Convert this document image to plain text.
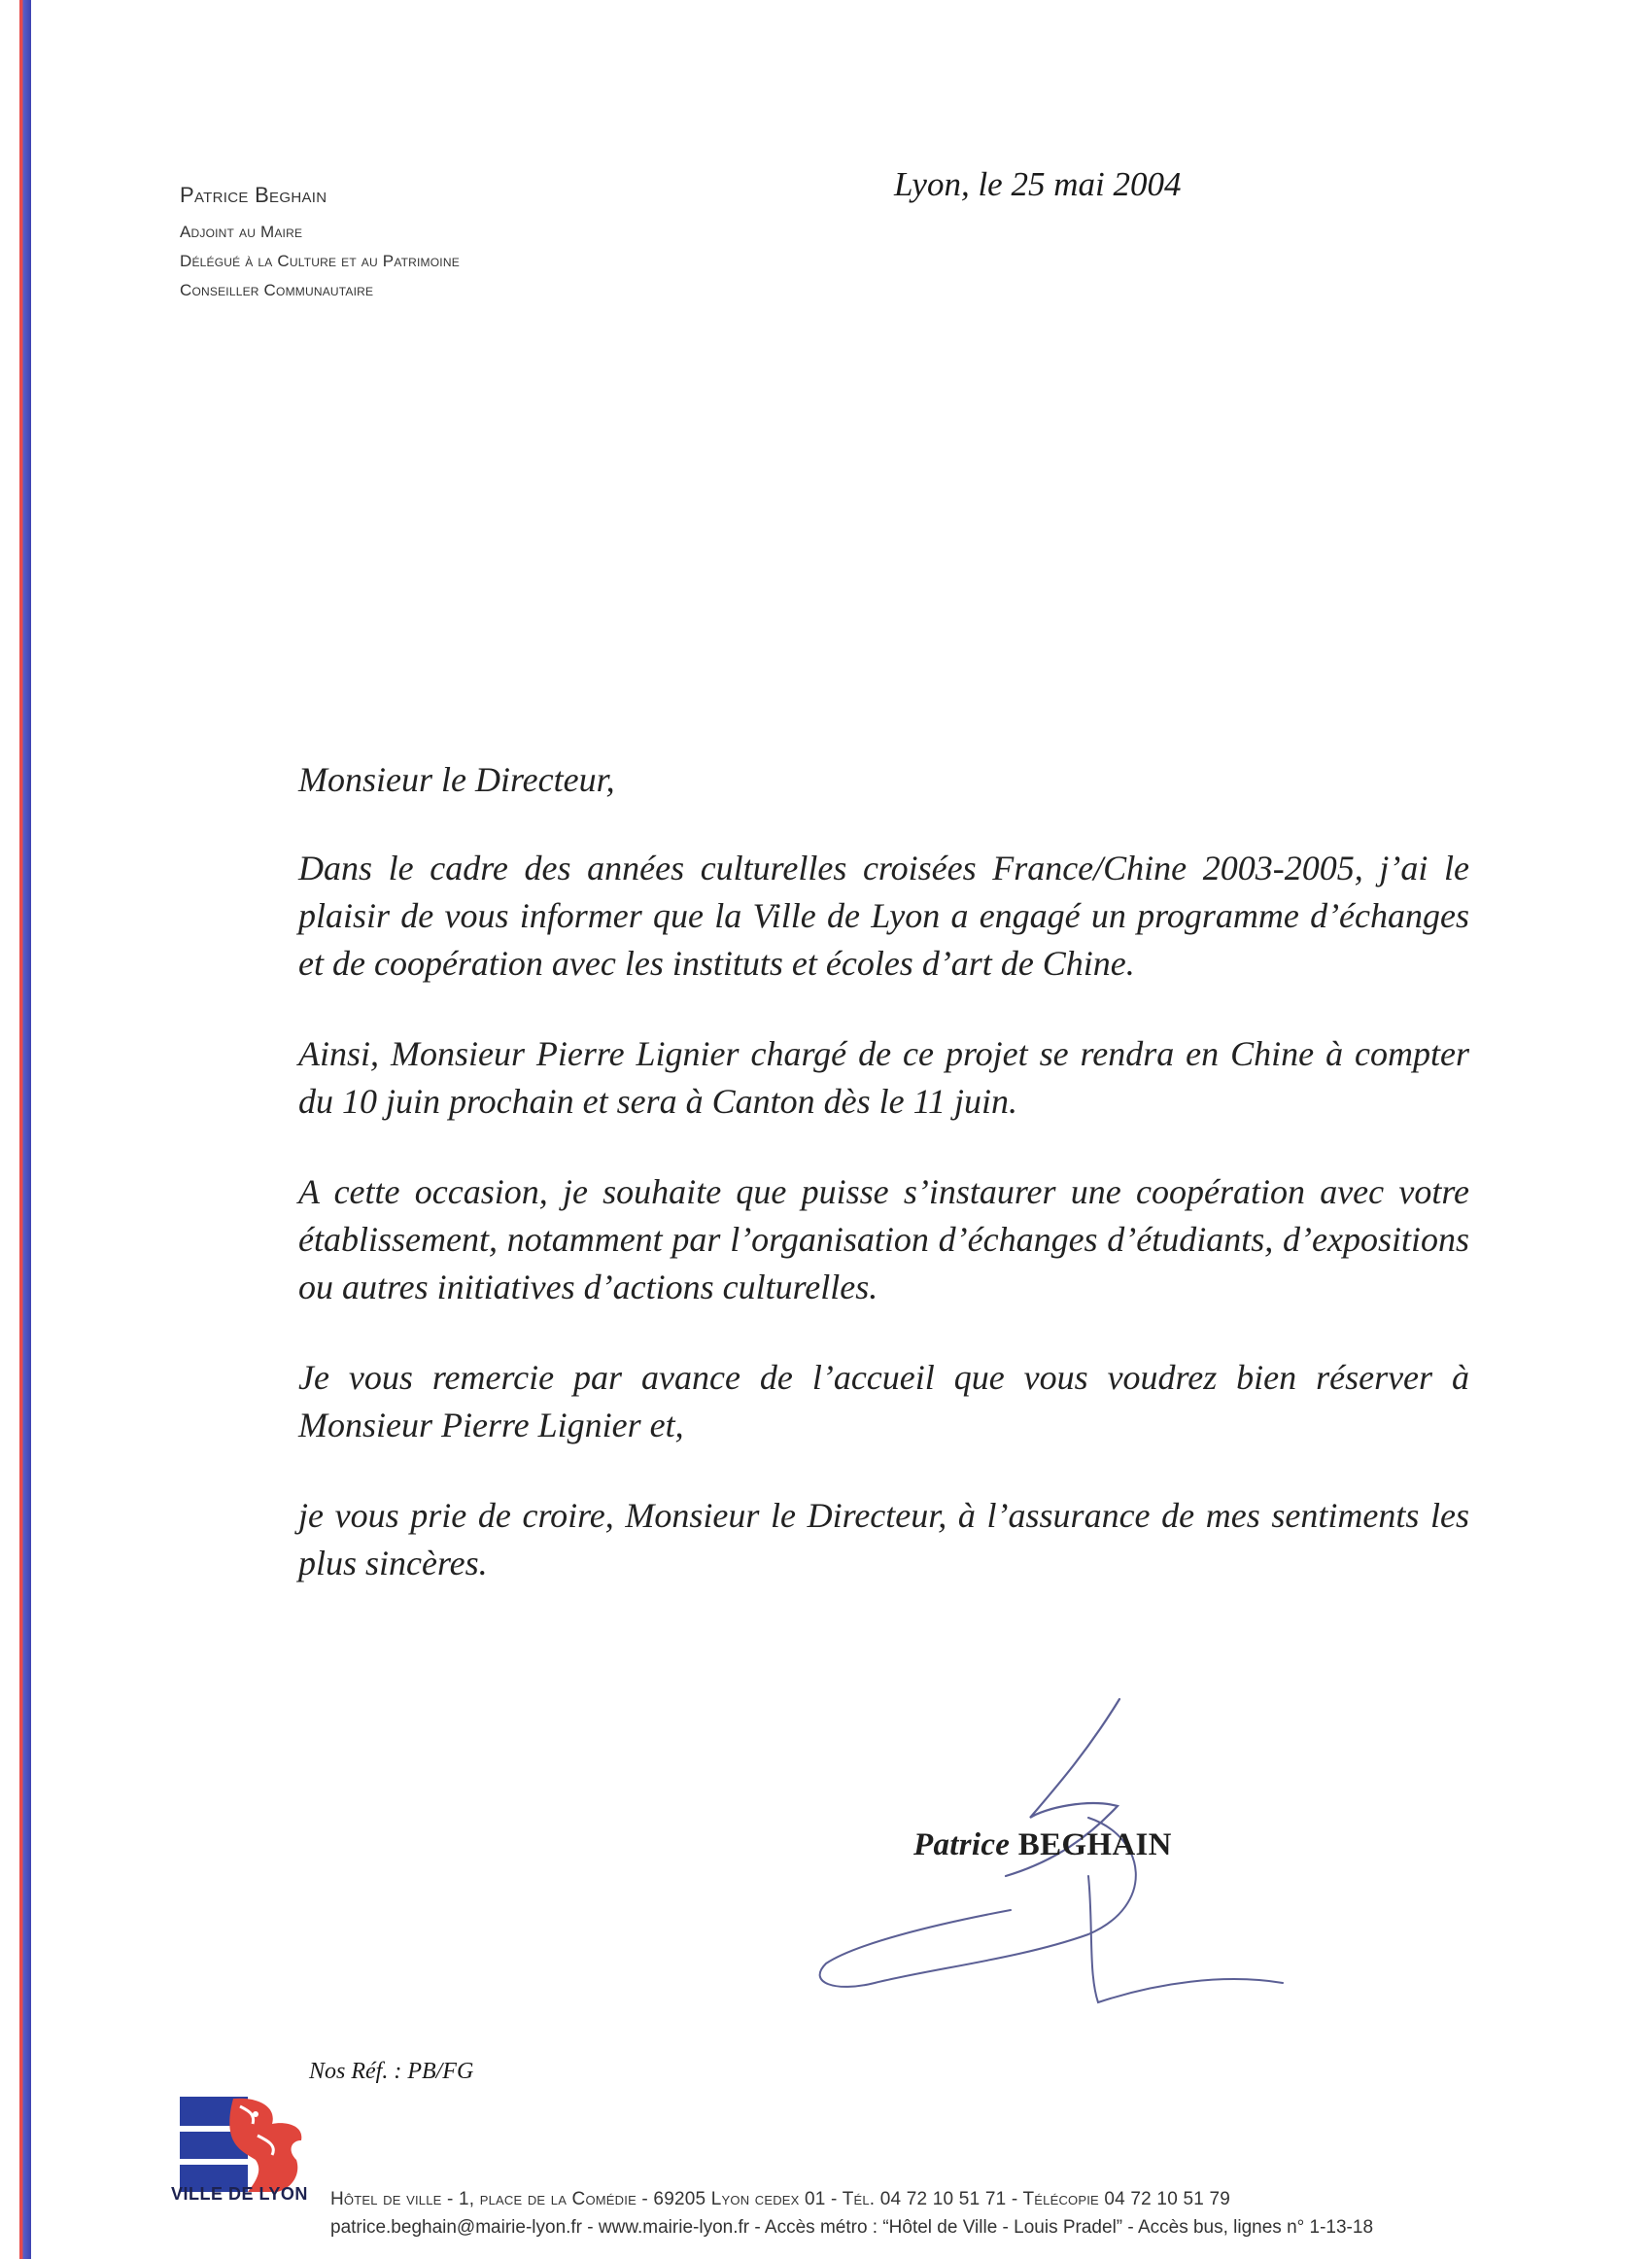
Patrice Beghain
Adjoint au Maire
Délégué à la Culture et au Patrimoine
Conseiller Communautaire
Lyon, le 25 mai 2004

Monsieur le Directeur,

Dans le cadre des années culturelles croisées France/Chine 2003-2005, j’ai le plaisir de vous informer que la Ville de Lyon a engagé un programme d’échanges et de coopération avec les instituts et écoles d’art de Chine.

Ainsi, Monsieur Pierre Lignier chargé de ce projet se rendra en Chine à compter du 10 juin prochain et sera à Canton dès le 11 juin.

A cette occasion, je souhaite que puisse s’instaurer une coopération avec votre établissement, notamment par l’organisation d’échanges d’étudiants, d’expositions ou autres initiatives d’actions culturelles.

Je vous remercie par avance de l’accueil que vous voudrez bien réserver à Monsieur Pierre Lignier et,

je vous prie de croire, Monsieur le Directeur, à l’assurance de mes sentiments les plus sincères.

Patrice BEGHAIN
Nos Réf. : PB/FG
VILLE DE LYON Hôtel de ville - 1, place de la Comédie - 69205 Lyon cedex 01 - Tél. 04 72 10 51 71 - Télécopie 04 72 10 51 79
patrice.beghain@mairie-lyon.fr - www.mairie-lyon.fr - Accès métro : “Hôtel de Ville - Louis Pradel” - Accès bus, lignes n° 1-13-18
